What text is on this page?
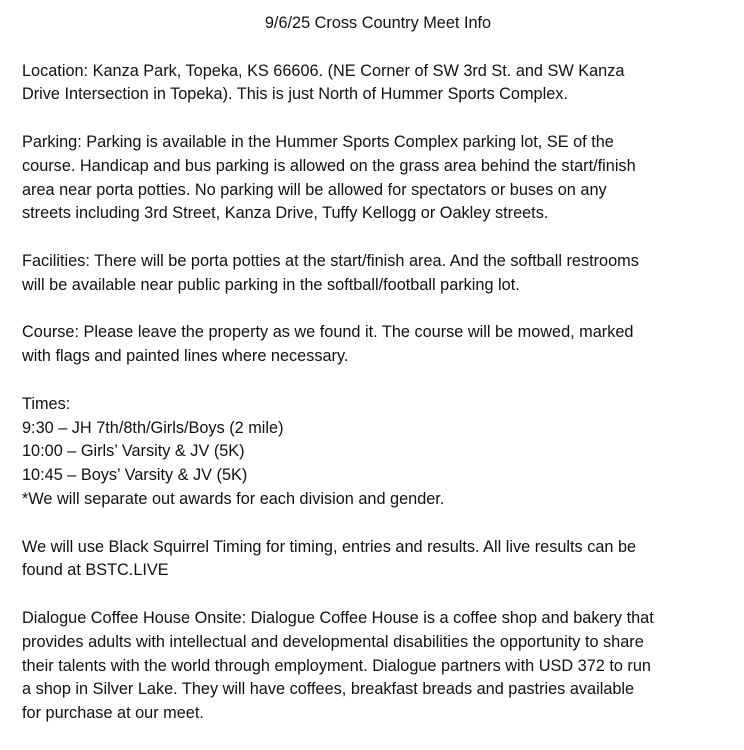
9/6/25 Cross Country Meet Info
Location: Kanza Park, Topeka, KS 66606. (NE Corner of SW 3rd St. and SW Kanza
Drive Intersection in Topeka). This is just North of Hummer Sports Complex.
Parking: Parking is available in the Hummer Sports Complex parking lot, SE of the
course. Handicap and bus parking is allowed on the grass area behind the start/finish
area near porta potties. No parking will be allowed for spectators or buses on any
streets including 3rd Street, Kanza Drive, Tuffy Kellogg or Oakley streets.
Facilities: There will be porta potties at the start/finish area. And the softball restrooms
will be available near public parking in the softball/football parking lot.
Course: Please leave the property as we found it. The course will be mowed, marked
with flags and painted lines where necessary.
Times:
9:30 – JH 7th/8th/Girls/Boys (2 mile)
10:00 – Girls’ Varsity & JV (5K)
10:45 – Boys’ Varsity & JV (5K)
*We will separate out awards for each division and gender.
We will use Black Squirrel Timing for timing, entries and results. All live results can be
found at BSTC.LIVE
Dialogue Coffee House Onsite: Dialogue Coffee House is a coffee shop and bakery that
provides adults with intellectual and developmental disabilities the opportunity to share
their talents with the world through employment. Dialogue partners with USD 372 to run
a shop in Silver Lake. They will have coffees, breakfast breads and pastries available
for purchase at our meet.
